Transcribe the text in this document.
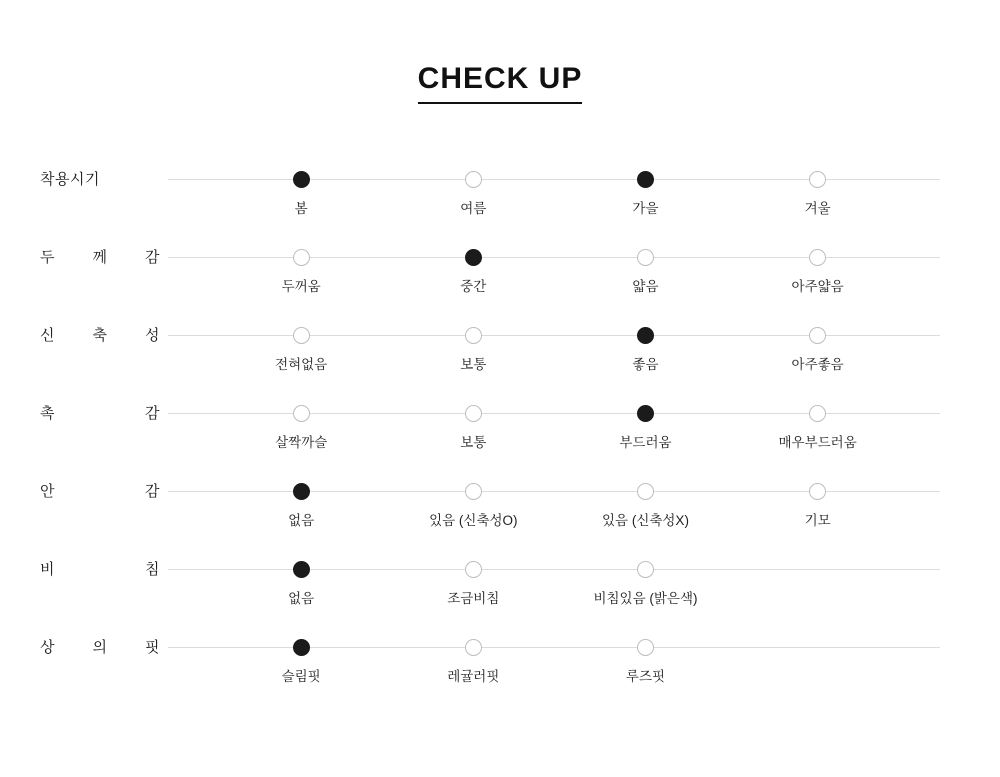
CHECK UP
착용시기
봄	여름	가을	겨울
두 께 감
두꺼움	중간	얇음	아주얇음
신 축 성
전혀없음	보통	좋음	아주좋음
촉 감
살짝까슬	보통	부드러움	매우부드러움
안 감
없음	있음 (신축성O)	있음 (신축성X)	기모
비 침
없음	조금비침	비침있음 (밝은색)
상 의 핏
슬림핏	레귤러핏	루즈핏
